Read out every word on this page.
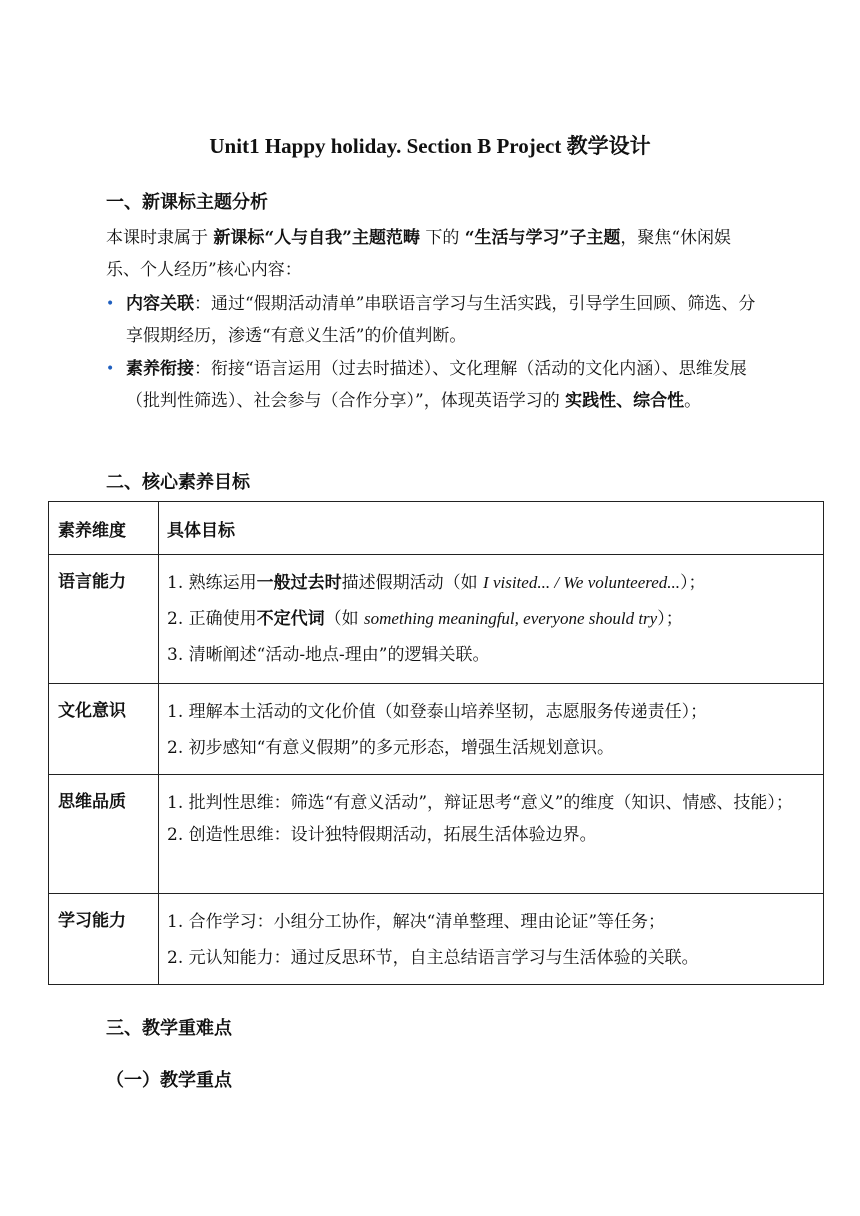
Unit1 Happy holiday. Section B Project 教学设计
一、新课标主题分析
本课时隶属于 新课标“人与自我”主题范畴 下的 “生活与学习”子主题，聚焦“休闲娱乐、个人经历”核心内容：
• 内容关联：通过“假期活动清单”串联语言学习与生活实践，引导学生回顾、筛选、分享假期经历，渗透“有意义生活”的价值判断。
• 素养衔接：衔接“语言运用（过去时描述）、文化理解（活动的文化内涵）、思维发展（批判性筛选）、社会参与（合作分享）”，体现英语学习的 实践性、综合性。
二、核心素养目标
素养维度	具体目标
语言能力	1. 熟练运用一般过去时描述假期活动（如 I visited... / We volunteered...）；
2. 正确使用不定代词（如 something meaningful, everyone should try）；
3. 清晰阐述“活动-地点-理由”的逻辑关联。

文化意识	1. 理解本土活动的文化价值（如登泰山培养坚韧，志愿服务传递责任）；
2. 初步感知“有意义假期”的多元形态，增强生活规划意识。

思维品质	1. 批判性思维：筛选“有意义活动”，辩证思考“意义”的维度（知识、情感、技能）；
2. 创造性思维：设计独特假期活动，拓展生活体验边界。

学习能力	1. 合作学习：小组分工协作，解决“清单整理、理由论证”等任务；
2. 元认知能力：通过反思环节，自主总结语言学习与生活体验的关联。
三、教学重难点
（一）教学重点
